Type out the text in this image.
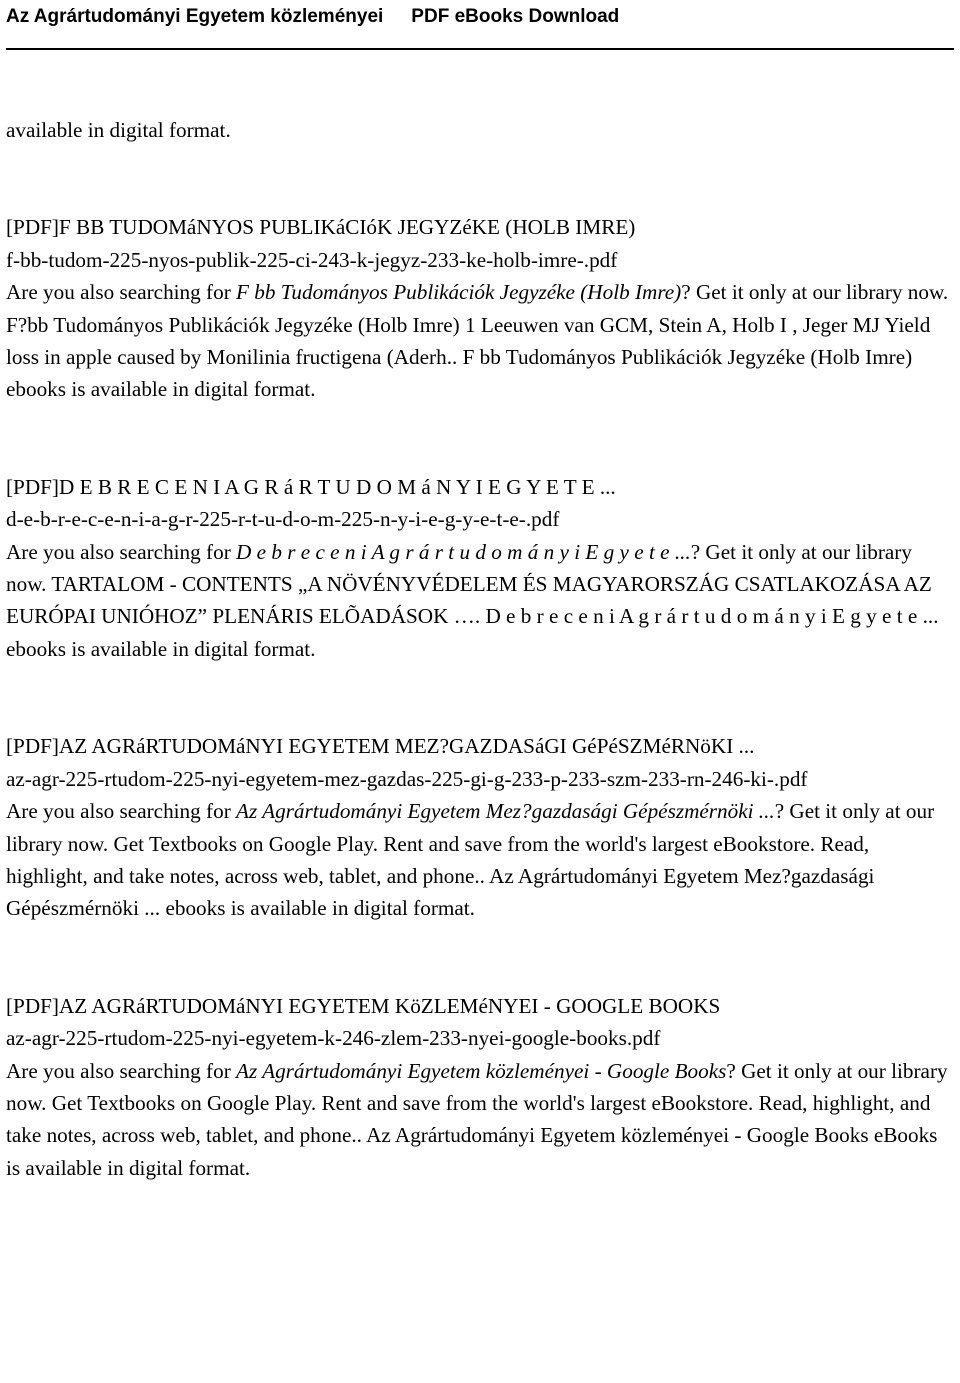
Az Agrártudományi Egyetem közleményei PDF eBooks Download

available in digital format.

[PDF]F BB TUDOMáNYOS PUBLIKáCIóK JEGYZéKE (HOLB IMRE)

f-bb-tudom-225-nyos-publik-225-ci-243-k-jegyz-233-ke-holb-imre-.pdf

Are you also searching for F bb Tudományos Publikációk Jegyzéke (Holb Imre)? Get it only at our library now. F?bb Tudományos Publikációk Jegyzéke (Holb Imre) 1 Leeuwen van GCM, Stein A, Holb I , Jeger MJ Yield loss in apple caused by Monilinia fructigena (Aderh.. F bb Tudományos Publikációk Jegyzéke (Holb Imre) ebooks is available in digital format.

[PDF]D E B R E C E N I A G R á R T U D O M á N Y I E G Y E T E ...

d-e-b-r-e-c-e-n-i-a-g-r-225-r-t-u-d-o-m-225-n-y-i-e-g-y-e-t-e-.pdf

Are you also searching for D e b r e c e n i A g r á r t u d o m á n y i E g y e t e ...? Get it only at our library now. TARTALOM - CONTENTS „A NÖVÉNYVÉDELEM ÉS MAGYARORSZÁG CSATLAKOZÁSA AZ EURÓPAI UNIÓHOZ” PLENÁRIS ELÕADÁSOK …. D e b r e c e n i A g r á r t u d o m á n y i E g y e t e ... ebooks is available in digital format.

[PDF]AZ AGRáRTUDOMáNYI EGYETEM MEZ?GAZDASáGI GéPéSZMéRNöKI ...

az-agr-225-rtudom-225-nyi-egyetem-mez-gazdas-225-gi-g-233-p-233-szm-233-rn-246-ki-.pdf

Are you also searching for Az Agrártudományi Egyetem Mez?gazdasági Gépészmérnöki ...? Get it only at our library now. Get Textbooks on Google Play. Rent and save from the world's largest eBookstore. Read, highlight, and take notes, across web, tablet, and phone.. Az Agrártudományi Egyetem Mez?gazdasági Gépészmérnöki ... ebooks is available in digital format.

[PDF]AZ AGRáRTUDOMáNYI EGYETEM KöZLEMéNYEI - GOOGLE BOOKS

az-agr-225-rtudom-225-nyi-egyetem-k-246-zlem-233-nyei-google-books.pdf

Are you also searching for Az Agrártudományi Egyetem közleményei - Google Books? Get it only at our library now. Get Textbooks on Google Play. Rent and save from the world's largest eBookstore. Read, highlight, and take notes, across web, tablet, and phone.. Az Agrártudományi Egyetem közleményei - Google Books eBooks is available in digital format.
